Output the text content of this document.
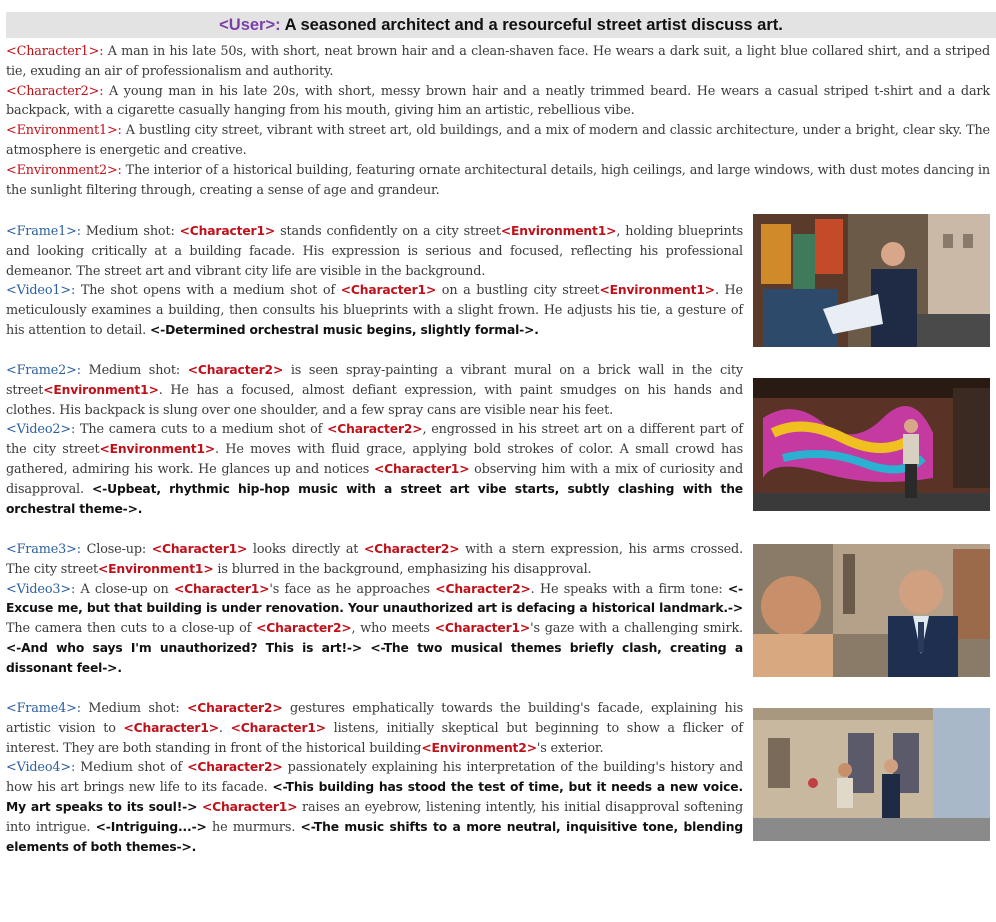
<User>: A seasoned architect and a resourceful street artist discuss art.
<Character1>: A man in his late 50s, with short, neat brown hair and a clean-shaven face. He wears a dark suit, a light blue collared shirt, and a striped tie, exuding an air of professionalism and authority.
<Character2>: A young man in his late 20s, with short, messy brown hair and a neatly trimmed beard. He wears a casual striped t-shirt and a dark backpack, with a cigarette casually hanging from his mouth, giving him an artistic, rebellious vibe.
<Environment1>: A bustling city street, vibrant with street art, old buildings, and a mix of modern and classic architecture, under a bright, clear sky. The atmosphere is energetic and creative.
<Environment2>: The interior of a historical building, featuring ornate architectural details, high ceilings, and large windows, with dust motes dancing in the sunlight filtering through, creating a sense of age and grandeur.
<Frame1>: Medium shot: <Character1> stands confidently on a city street<Environment1>, holding blueprints and looking critically at a building facade. His expression is serious and focused, reflecting his professional demeanor. The street art and vibrant city life are visible in the background.
<Video1>: The shot opens with a medium shot of <Character1> on a bustling city street<Environment1>. He meticulously examines a building, then consults his blueprints with a slight frown. He adjusts his tie, a gesture of his attention to detail. <-Determined orchestral music begins, slightly formal->.
<Frame2>: Medium shot: <Character2> is seen spray-painting a vibrant mural on a brick wall in the city street<Environment1>. He has a focused, almost defiant expression, with paint smudges on his hands and clothes. His backpack is slung over one shoulder, and a few spray cans are visible near his feet.
<Video2>: The camera cuts to a medium shot of <Character2>, engrossed in his street art on a different part of the city street<Environment1>. He moves with fluid grace, applying bold strokes of color. A small crowd has gathered, admiring his work. He glances up and notices <Character1> observing him with a mix of curiosity and disapproval. <-Upbeat, rhythmic hip-hop music with a street art vibe starts, subtly clashing with the orchestral theme->.
<Frame3>: Close-up: <Character1> looks directly at <Character2> with a stern expression, his arms crossed. The city street<Environment1> is blurred in the background, emphasizing his disapproval.
<Video3>: A close-up on <Character1>'s face as he approaches <Character2>. He speaks with a firm tone: <-Excuse me, but that building is under renovation. Your unauthorized art is defacing a historical landmark.-> The camera then cuts to a close-up of <Character2>, who meets <Character1>'s gaze with a challenging smirk. <-And who says I'm unauthorized? This is art!-> <-The two musical themes briefly clash, creating a dissonant feel->.
<Frame4>: Medium shot: <Character2> gestures emphatically towards the building's facade, explaining his artistic vision to <Character1>. <Character1> listens, initially skeptical but beginning to show a flicker of interest. They are both standing in front of the historical building<Environment2>'s exterior.
<Video4>: Medium shot of <Character2> passionately explaining his interpretation of the building's history and how his art brings new life to its facade. <-This building has stood the test of time, but it needs a new voice. My art speaks to its soul!-> <Character1> raises an eyebrow, listening intently, his initial disapproval softening into intrigue. <-Intriguing...-> he murmurs. <-The music shifts to a more neutral, inquisitive tone, blending elements of both themes->.
